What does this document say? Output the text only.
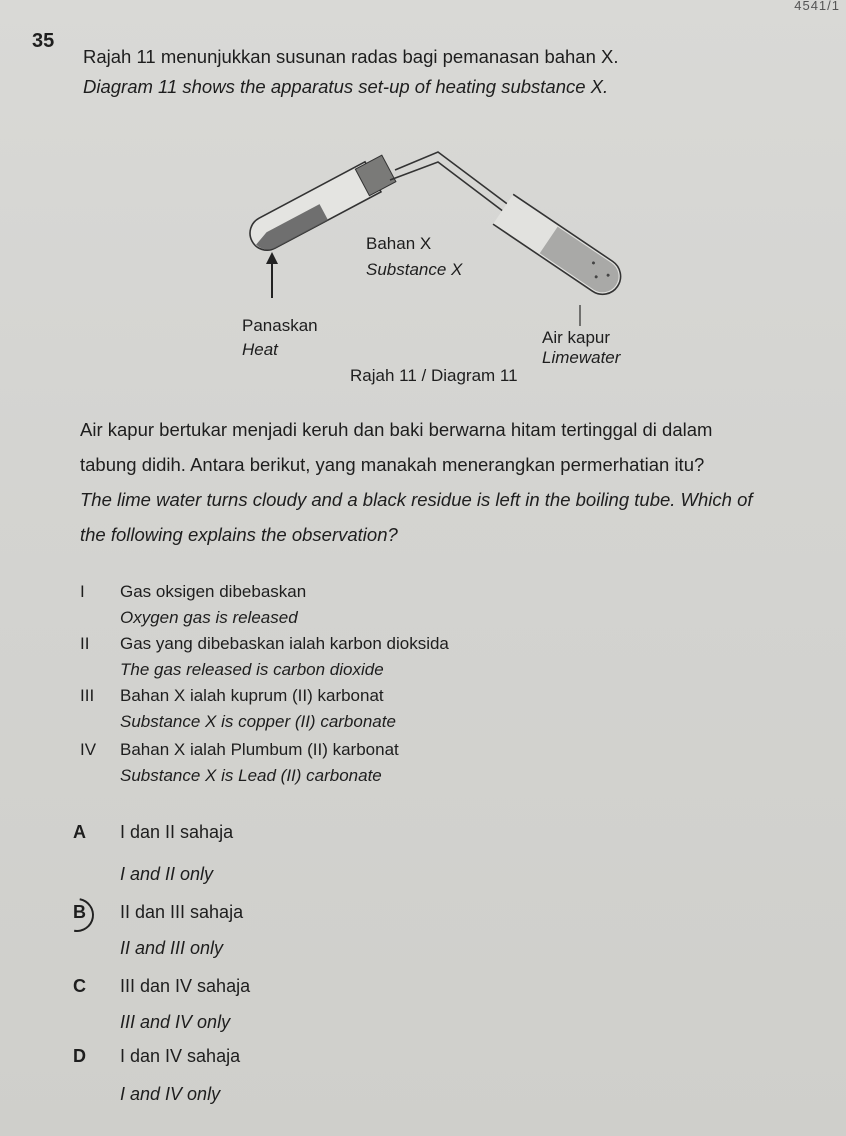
4541/1
35
Rajah 11 menunjukkan susunan radas bagi pemanasan bahan X.
Diagram 11 shows the apparatus set-up of heating substance X.
Bahan X
Substance X
Panaskan
Heat
Air kapur
Limewater
Rajah 11 / Diagram 11
Air kapur bertukar menjadi keruh dan baki berwarna hitam tertinggal di dalam
tabung didih. Antara berikut, yang manakah menerangkan permerhatian itu?
The lime water turns cloudy and a black residue is left in the boiling tube. Which of
the following explains the observation?
I Gas oksigen dibebaskan
Oxygen gas is released
II Gas yang dibebaskan ialah karbon dioksida
The gas released is carbon dioxide
III Bahan X ialah kuprum (II) karbonat
Substance X is copper (II) carbonate
IV Bahan X ialah Plumbum (II) karbonat
Substance X is Lead (II) carbonate
A I dan II sahaja
I and II only
B II dan III sahaja
II and III only
C III dan IV sahaja
III and IV only
D I dan IV sahaja
I and IV only
